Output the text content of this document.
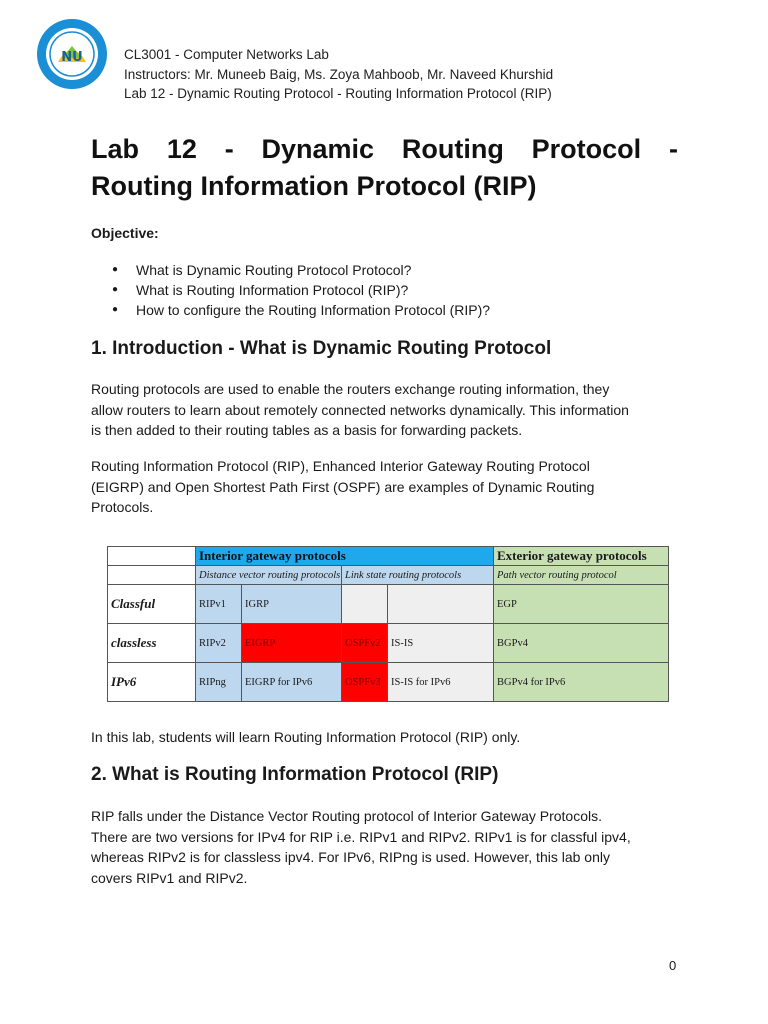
NU	CL3001 - Computer Networks Lab
Instructors: Mr. Muneeb Baig, Ms. Zoya Mahboob, Mr. Naveed Khurshid
Lab 12 - Dynamic Routing Protocol - Routing Information Protocol (RIP)
Lab 12 - Dynamic Routing Protocol -
Routing Information Protocol (RIP)
Objective:
● What is Dynamic Routing Protocol Protocol?
● What is Routing Information Protocol (RIP)?
● How to configure the Routing Information Protocol (RIP)?
1. Introduction - What is Dynamic Routing Protocol
Routing protocols are used to enable the routers exchange routing information, they
allow routers to learn about remotely connected networks dynamically. This information
is then added to their routing tables as a basis for forwarding packets.
Routing Information Protocol (RIP), Enhanced Interior Gateway Routing Protocol
(EIGRP) and Open Shortest Path First (OSPF) are examples of Dynamic Routing
Protocols.
	Interior gateway protocols				Exterior gateway protocols
	Distance vector routing protocols		Link state routing protocols		Path vector routing protocol
Classful	RIPv1	IGRP			EGP
classless	RIPv2	EIGRP	OSPFv2	IS-IS	BGPv4
IPv6	RIPng	EIGRP for IPv6	OSPFv3	IS-IS for IPv6	BGPv4 for IPv6
In this lab, students will learn Routing Information Protocol (RIP) only.
2. What is Routing Information Protocol (RIP)
RIP falls under the Distance Vector Routing protocol of Interior Gateway Protocols.
There are two versions for IPv4 for RIP i.e. RIPv1 and RIPv2. RIPv1 is for classful ipv4,
whereas RIPv2 is for classless ipv4. For IPv6, RIPng is used. However, this lab only
covers RIPv1 and RIPv2.
0
